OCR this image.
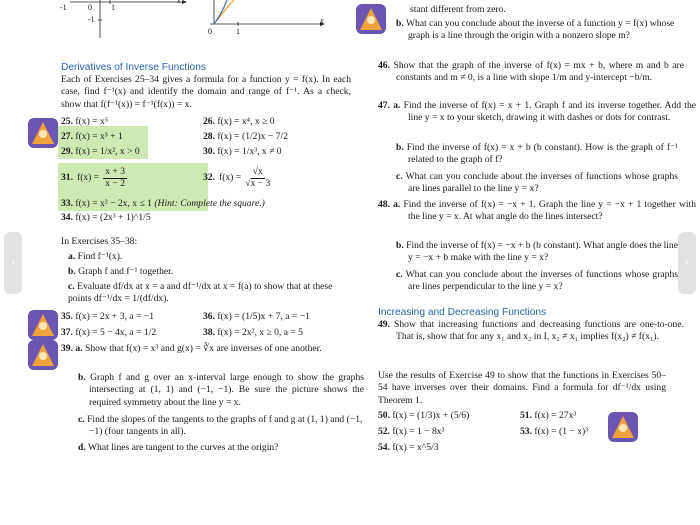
-1	0 1
-1
x
0	1
x
‹	›
Derivatives of Inverse Functions
Each of Exercises 25–34 gives a formula for a function y = f(x). In each case, find f⁻¹(x) and identify the domain and range of f⁻¹. As a check, show that f(f⁻¹(x)) = f⁻¹(f(x)) = x.
25. f(x) = x⁵	26. f(x) = x⁴, x ≥ 0
27. f(x) = x³ + 1	28. f(x) = (1/2)x − 7/2
29. f(x) = 1/x², x > 0	30. f(x) = 1/x³, x ≠ 0
31. $f(x) = \frac{x + 3}{x - 2}$	32. $f(x) = \frac{√x}{√x - 3}$
33. f(x) = x² − 2x, x ≤ 1 (Hint: Complete the square.)
34. f(x) = (2x³ + 1)^1/5
In Exercises 35–38:
a. Find f⁻¹(x).
b. Graph f and f⁻¹ together.
c. Evaluate df/dx at x = a and df⁻¹/dx at x = f(a) to show that at these points df⁻¹/dx = 1/(df/dx).
35. f(x) = 2x + 3, a = −1	36. f(x) = (1/5)x + 7, a = −1
37. f(x) = 5 − 4x, a = 1/2	38. f(x) = 2x², x ≥ 0, a = 5
39. a. Show that f(x) = x³ and g(x) = ∛x are inverses of one another.
b. Graph f and g over an x-interval large enough to show the graphs intersecting at (1, 1) and (−1, −1). Be sure the picture shows the required symmetry about the line y = x.
c. Find the slopes of the tangents to the graphs of f and g at (1, 1) and (−1, −1) (four tangents in all).
d. What lines are tangent to the curves at the origin?
stant different from zero.
b. What can you conclude about the inverse of a function y = f(x) whose graph is a line through the origin with a nonzero slope m?
46. Show that the graph of the inverse of f(x) = mx + b, where m and b are constants and m ≠ 0, is a line with slope 1/m and y-intercept −b/m.
47. a. Find the inverse of f(x) = x + 1. Graph f and its inverse together. Add the line y = x to your sketch, drawing it with dashes or dots for contrast.
b. Find the inverse of f(x) = x + b (b constant). How is the graph of f⁻¹ related to the graph of f?
c. What can you conclude about the inverses of functions whose graphs are lines parallel to the line y = x?
48. a. Find the inverse of f(x) = −x + 1. Graph the line y = −x + 1 together with the line y = x. At what angle do the lines intersect?
b. Find the inverse of f(x) = −x + b (b constant). What angle does the line y = −x + b make with the line y = x?
c. What can you conclude about the inverses of functions whose graphs are lines perpendicular to the line y = x?
Increasing and Decreasing Functions
49. Show that increasing functions and decreasing functions are one-to-one. That is, show that for any x₁ and x₂ in I, x₂ ≠ x₁ implies f(x₂) ≠ f(x₁).
Use the results of Exercise 49 to show that the functions in Exercises 50–54 have inverses over their domains. Find a formula for df⁻¹/dx using Theorem 1.
50. f(x) = (1/3)x + (5/6)	51. f(x) = 27x³
52. f(x) = 1 − 8x³	53. f(x) = (1 − x)³
54. f(x) = x^5/3
